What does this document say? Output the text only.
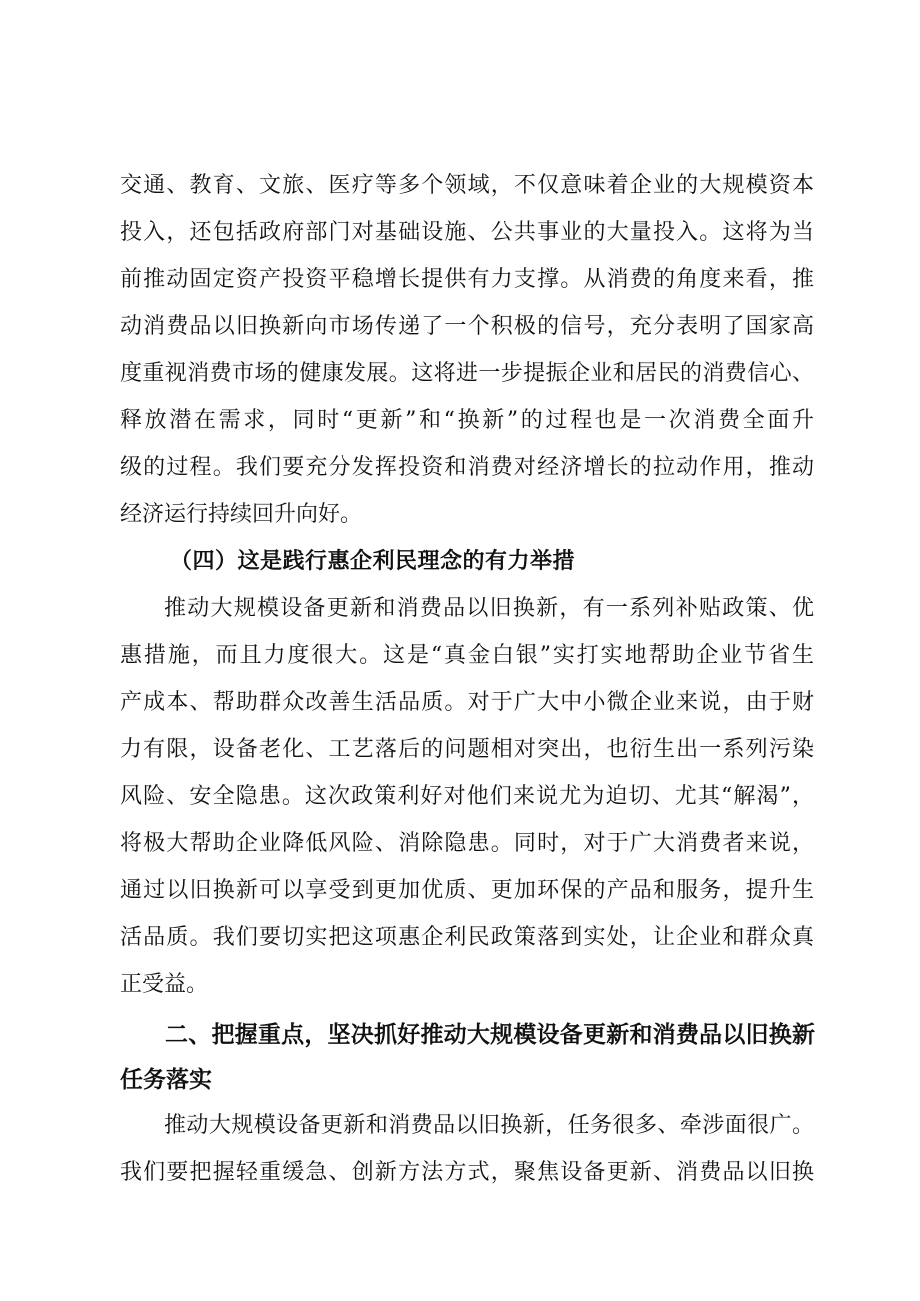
交通、教育、文旅、医疗等多个领域，不仅意味着企业的大规模资本
投入，还包括政府部门对基础设施、公共事业的大量投入。这将为当
前推动固定资产投资平稳增长提供有力支撑。从消费的角度来看，推
动消费品以旧换新向市场传递了一个积极的信号，充分表明了国家高
度重视消费市场的健康发展。这将进一步提振企业和居民的消费信心、
释放潜在需求，同时“更新”和“换新”的过程也是一次消费全面升
级的过程。我们要充分发挥投资和消费对经济增长的拉动作用，推动
经济运行持续回升向好。
（四）这是践行惠企利民理念的有力举措
推动大规模设备更新和消费品以旧换新，有一系列补贴政策、优
惠措施，而且力度很大。这是“真金白银”实打实地帮助企业节省生
产成本、帮助群众改善生活品质。对于广大中小微企业来说，由于财
力有限，设备老化、工艺落后的问题相对突出，也衍生出一系列污染
风险、安全隐患。这次政策利好对他们来说尤为迫切、尤其“解渴”，
将极大帮助企业降低风险、消除隐患。同时，对于广大消费者来说，
通过以旧换新可以享受到更加优质、更加环保的产品和服务，提升生
活品质。我们要切实把这项惠企利民政策落到实处，让企业和群众真
正受益。
二、把握重点，坚决抓好推动大规模设备更新和消费品以旧换新
任务落实
推动大规模设备更新和消费品以旧换新，任务很多、牵涉面很广。
我们要把握轻重缓急、创新方法方式，聚焦设备更新、消费品以旧换
